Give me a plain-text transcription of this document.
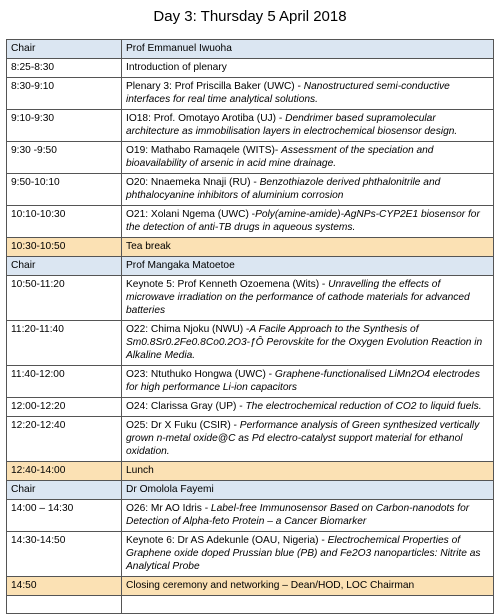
Day 3: Thursday 5 April 2018
Chair	Prof Emmanuel Iwuoha
8:25-8:30	Introduction of plenary
8:30-9:10	Plenary 3: Prof Priscilla Baker (UWC) - Nanostructured semi-conductive interfaces for real time analytical solutions.
9:10-9:30	IO18: Prof. Omotayo Arotiba (UJ) - Dendrimer based supramolecular architecture as immobilisation layers in electrochemical biosensor design.
9:30 -9:50	O19: Mathabo Ramaqele (WITS)- Assessment of the speciation and bioavailability of arsenic in acid mine drainage.
9:50-10:10	O20: Nnaemeka Nnaji (RU) - Benzothiazole derived phthalonitrile and phthalocyanine inhibitors of aluminium corrosion
10:10-10:30	O21: Xolani Ngema (UWC) -Poly(amine-amide)-AgNPs-CYP2E1 biosensor for the detection of anti-TB drugs in aqueous systems.
10:30-10:50	Tea break
Chair	Prof Mangaka Matoetoe
10:50-11:20	Keynote 5: Prof Kenneth Ozoemena (Wits) - Unravelling the effects of microwave irradiation on the performance of cathode materials for advanced batteries
11:20-11:40	O22: Chima Njoku (NWU) -A Facile Approach to the Synthesis of Sm0.8Sr0.2Fe0.8Co0.2O3-ƒÔ Perovskite for the Oxygen Evolution Reaction in Alkaline Media.
11:40-12:00	O23: Ntuthuko Hongwa (UWC) - Graphene-functionalised LiMn2O4 electrodes for high performance Li-ion capacitors
12:00-12:20	O24: Clarissa Gray (UP) - The electrochemical reduction of CO2 to liquid fuels.
12:20-12:40	O25: Dr X Fuku (CSIR) - Performance analysis of Green synthesized vertically grown n-metal oxide@C as Pd electro-catalyst support material for ethanol oxidation.
12:40-14:00	Lunch
Chair	Dr Omolola Fayemi
14:00 – 14:30	O26: Mr AO Idris - Label-free Immunosensor Based on Carbon-nanodots for Detection of Alpha-feto Protein – a Cancer Biomarker
14:30-14:50	Keynote 6: Dr AS Adekunle (OAU, Nigeria) - Electrochemical Properties of Graphene oxide doped Prussian blue (PB) and Fe2O3 nanoparticles: Nitrite as Analytical Probe
14:50	Closing ceremony and networking – Dean/HOD, LOC Chairman
